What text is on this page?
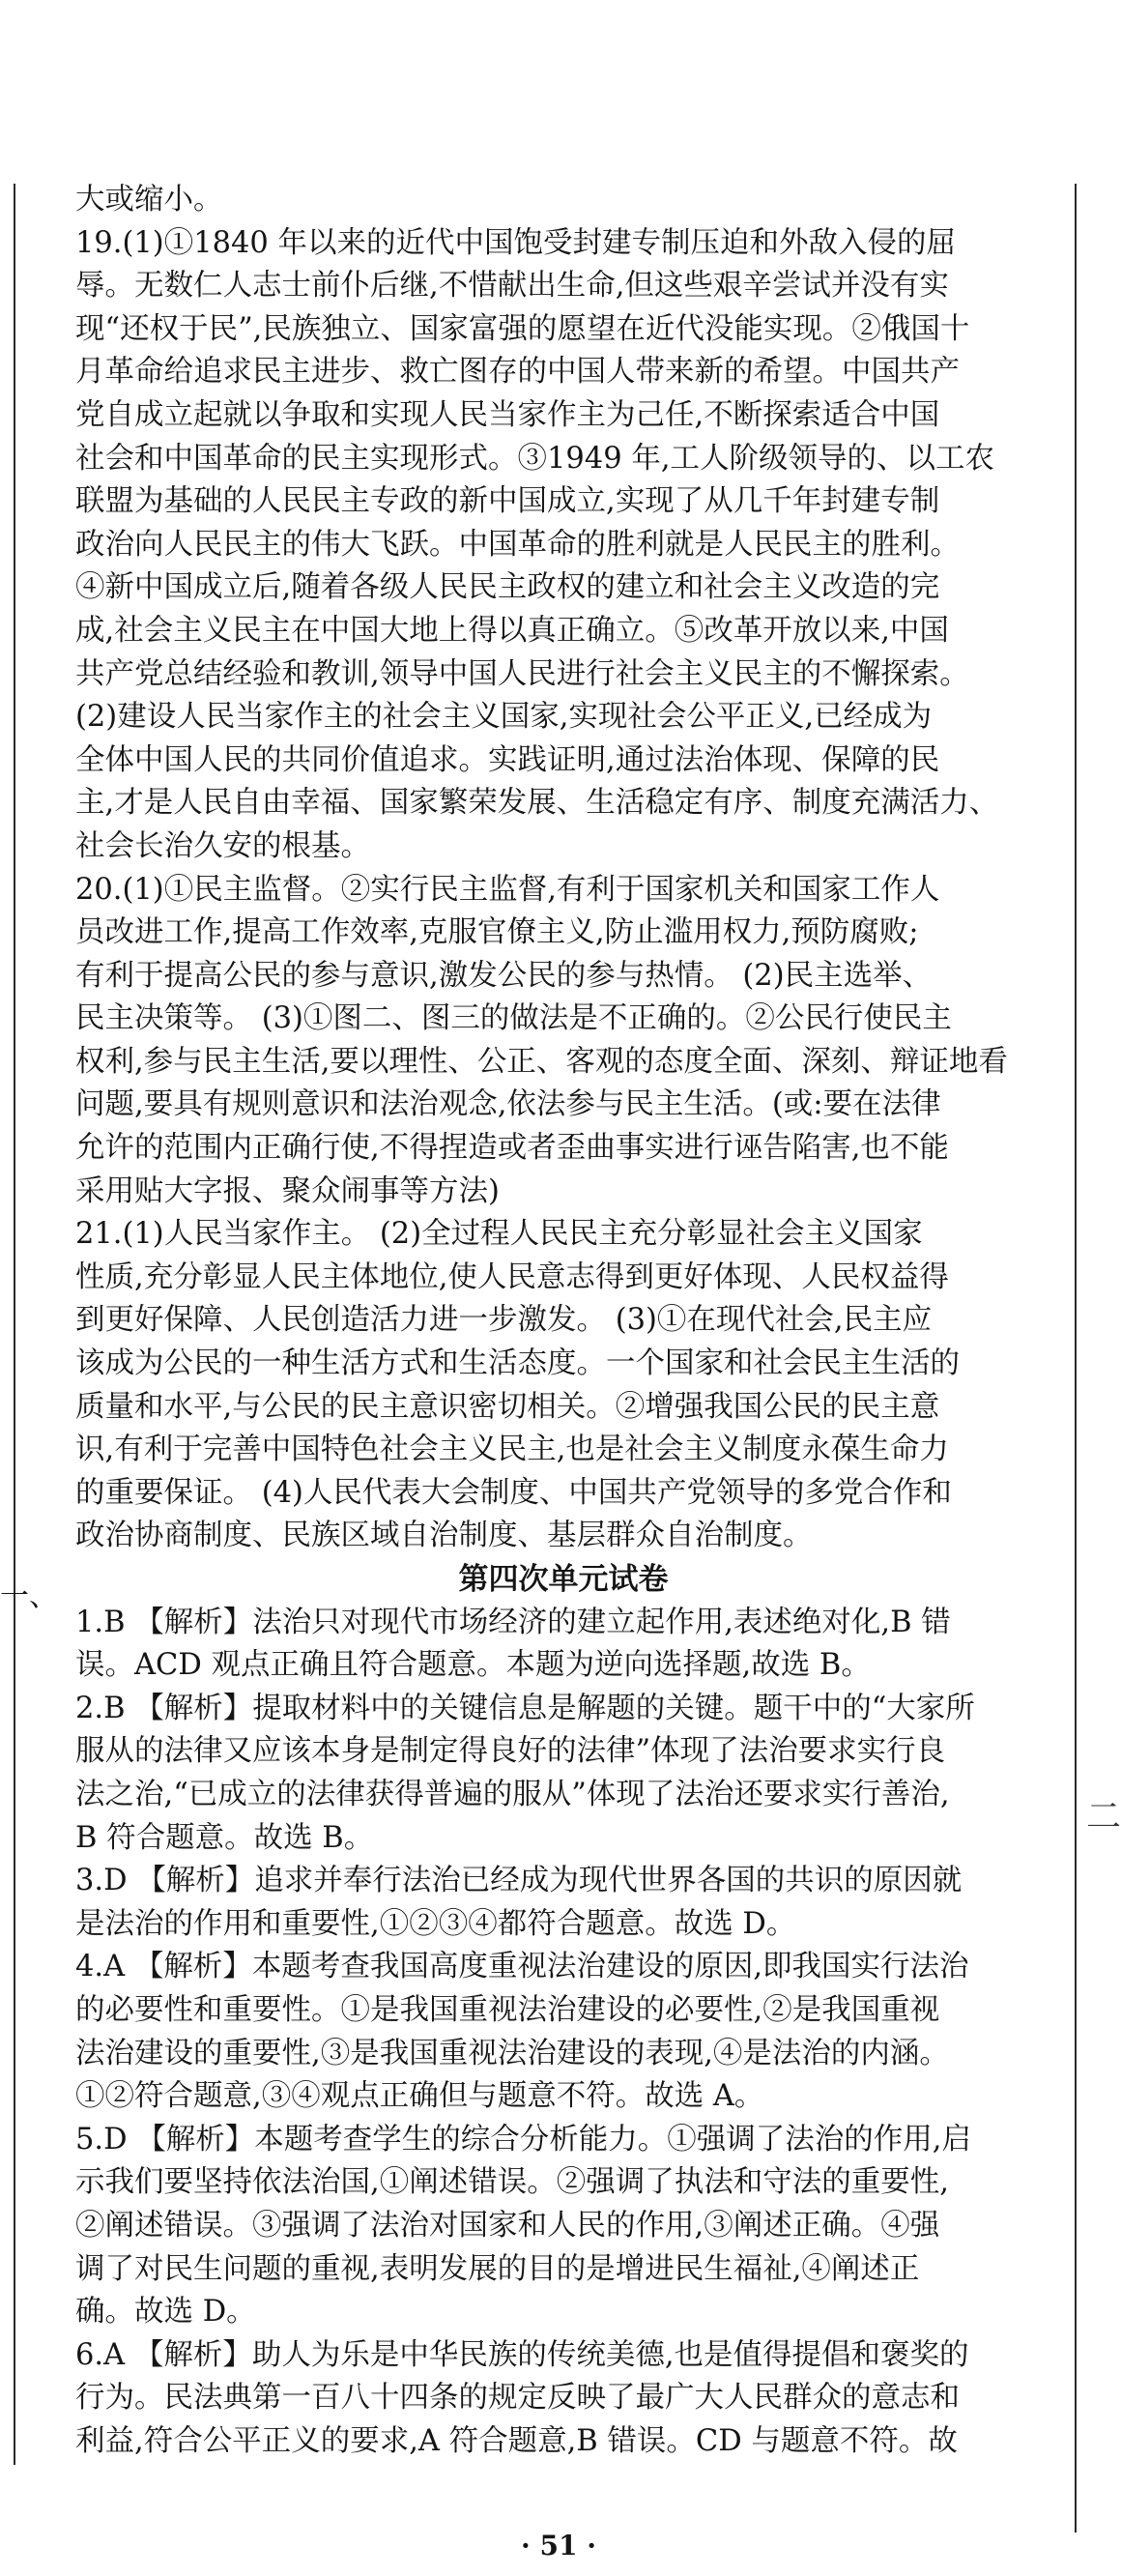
二
一、
大或缩小。
19.(1)①1840 年以来的近代中国饱受封建专制压迫和外敌入侵的屈
辱。无数仁人志士前仆后继,不惜献出生命,但这些艰辛尝试并没有实
现“还权于民”,民族独立、国家富强的愿望在近代没能实现。②俄国十
月革命给追求民主进步、救亡图存的中国人带来新的希望。中国共产
党自成立起就以争取和实现人民当家作主为己任,不断探索适合中国
社会和中国革命的民主实现形式。③1949 年,工人阶级领导的、以工农
联盟为基础的人民民主专政的新中国成立,实现了从几千年封建专制
政治向人民民主的伟大飞跃。中国革命的胜利就是人民民主的胜利。
④新中国成立后,随着各级人民民主政权的建立和社会主义改造的完
成,社会主义民主在中国大地上得以真正确立。⑤改革开放以来,中国
共产党总结经验和教训,领导中国人民进行社会主义民主的不懈探索。
(2)建设人民当家作主的社会主义国家,实现社会公平正义,已经成为
全体中国人民的共同价值追求。实践证明,通过法治体现、保障的民
主,才是人民自由幸福、国家繁荣发展、生活稳定有序、制度充满活力、
社会长治久安的根基。
20.(1)①民主监督。②实行民主监督,有利于国家机关和国家工作人
员改进工作,提高工作效率,克服官僚主义,防止滥用权力,预防腐败;
有利于提高公民的参与意识,激发公民的参与热情。 (2)民主选举、
民主决策等。 (3)①图二、图三的做法是不正确的。②公民行使民主
权利,参与民主生活,要以理性、公正、客观的态度全面、深刻、辩证地看
问题,要具有规则意识和法治观念,依法参与民主生活。(或:要在法律
允许的范围内正确行使,不得捏造或者歪曲事实进行诬告陷害,也不能
采用贴大字报、聚众闹事等方法)
21.(1)人民当家作主。 (2)全过程人民民主充分彰显社会主义国家
性质,充分彰显人民主体地位,使人民意志得到更好体现、人民权益得
到更好保障、人民创造活力进一步激发。 (3)①在现代社会,民主应
该成为公民的一种生活方式和生活态度。一个国家和社会民主生活的
质量和水平,与公民的民主意识密切相关。②增强我国公民的民主意
识,有利于完善中国特色社会主义民主,也是社会主义制度永葆生命力
的重要保证。 (4)人民代表大会制度、中国共产党领导的多党合作和
政治协商制度、民族区域自治制度、基层群众自治制度。
第四次单元试卷
1.B 【解析】法治只对现代市场经济的建立起作用,表述绝对化,B 错
误。ACD 观点正确且符合题意。本题为逆向选择题,故选 B。
2.B 【解析】提取材料中的关键信息是解题的关键。题干中的“大家所
服从的法律又应该本身是制定得良好的法律”体现了法治要求实行良
法之治,“已成立的法律获得普遍的服从”体现了法治还要求实行善治,
B 符合题意。故选 B。
3.D 【解析】追求并奉行法治已经成为现代世界各国的共识的原因就
是法治的作用和重要性,①②③④都符合题意。故选 D。
4.A 【解析】本题考查我国高度重视法治建设的原因,即我国实行法治
的必要性和重要性。①是我国重视法治建设的必要性,②是我国重视
法治建设的重要性,③是我国重视法治建设的表现,④是法治的内涵。
①②符合题意,③④观点正确但与题意不符。故选 A。
5.D 【解析】本题考查学生的综合分析能力。①强调了法治的作用,启
示我们要坚持依法治国,①阐述错误。②强调了执法和守法的重要性,
②阐述错误。③强调了法治对国家和人民的作用,③阐述正确。④强
调了对民生问题的重视,表明发展的目的是增进民生福祉,④阐述正
确。故选 D。
6.A 【解析】助人为乐是中华民族的传统美德,也是值得提倡和褒奖的
行为。民法典第一百八十四条的规定反映了最广大人民群众的意志和
利益,符合公平正义的要求,A 符合题意,B 错误。CD 与题意不符。故
· 51 ·
